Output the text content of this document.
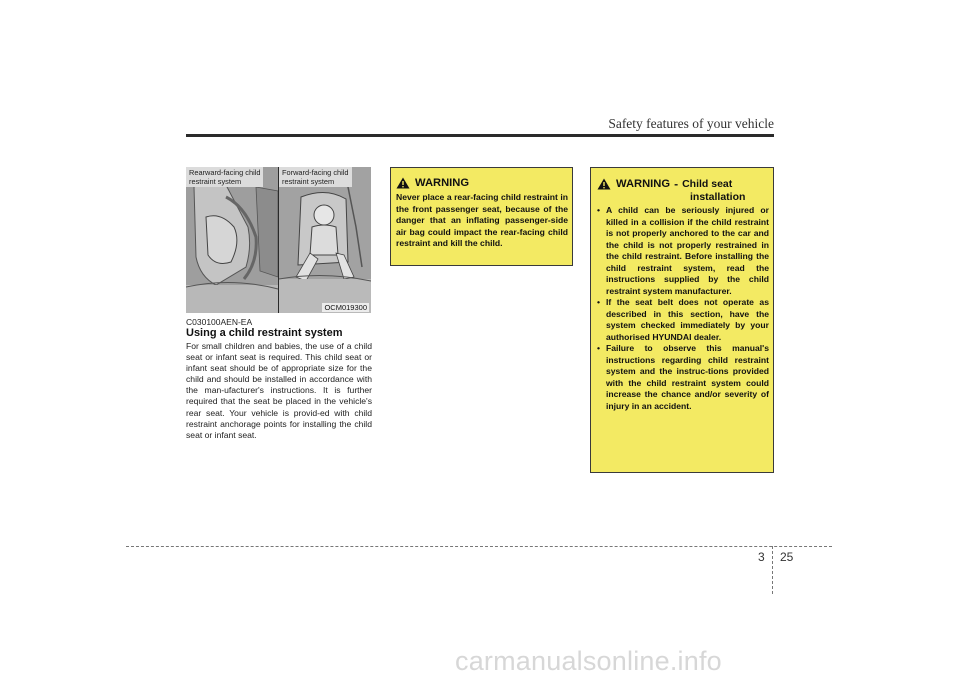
Safety features of your vehicle
Rearward-facing child
restraint system
Forward-facing child
restraint system
OCM019300
C030100AEN-EA
Using a child restraint system
For small children and babies, the use of a child seat or infant seat is required. This child seat or infant seat should be of appropriate size for the child and should be installed in accordance with the man-ufacturer's instructions. It is further required that the seat be placed in the vehicle's rear seat. Your vehicle is provid-ed with child restraint anchorage points for installing the child seat or infant seat.
WARNING
Never place a rear-facing child restraint in the front passenger seat, because of the danger that an inflating passenger-side air bag could impact the rear-facing child restraint and kill the child.
WARNING - Child seat
installation
• A child can be seriously injured or killed in a collision if the child restraint is not properly anchored to the car and the child is not properly restrained in the child restraint. Before installing the child restraint system, read the instructions supplied by the child restraint system manufacturer.
• If the seat belt does not operate as described in this section, have the system checked immediately by your authorised HYUNDAI dealer.
• Failure to observe this manual's instructions regarding child restraint system and the instruc-tions provided with the child restraint system could increase the chance and/or severity of injury in an accident.
3 25
carmanualsonline.info
